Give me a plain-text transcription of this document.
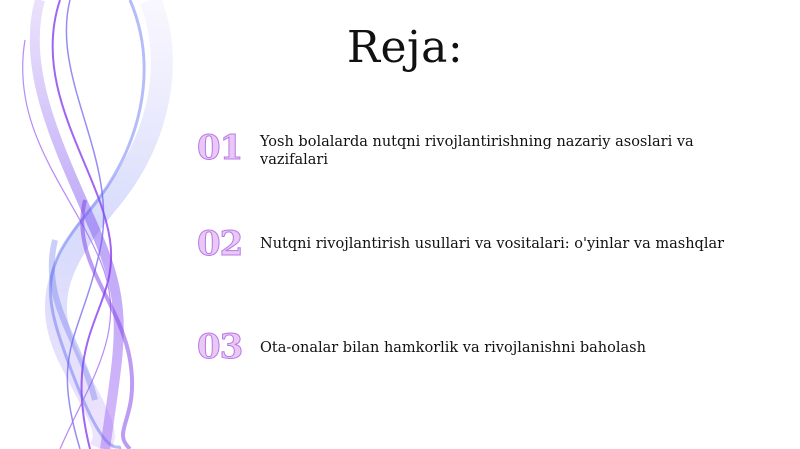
Reja:
01	Yosh bolalarda nutqni rivojlantirishning nazariy asoslari va vazifalari
02	Nutqni rivojlantirish usullari va vositalari: o'yinlar va mashqlar
03	Ota-onalar bilan hamkorlik va rivojlanishni baholash
